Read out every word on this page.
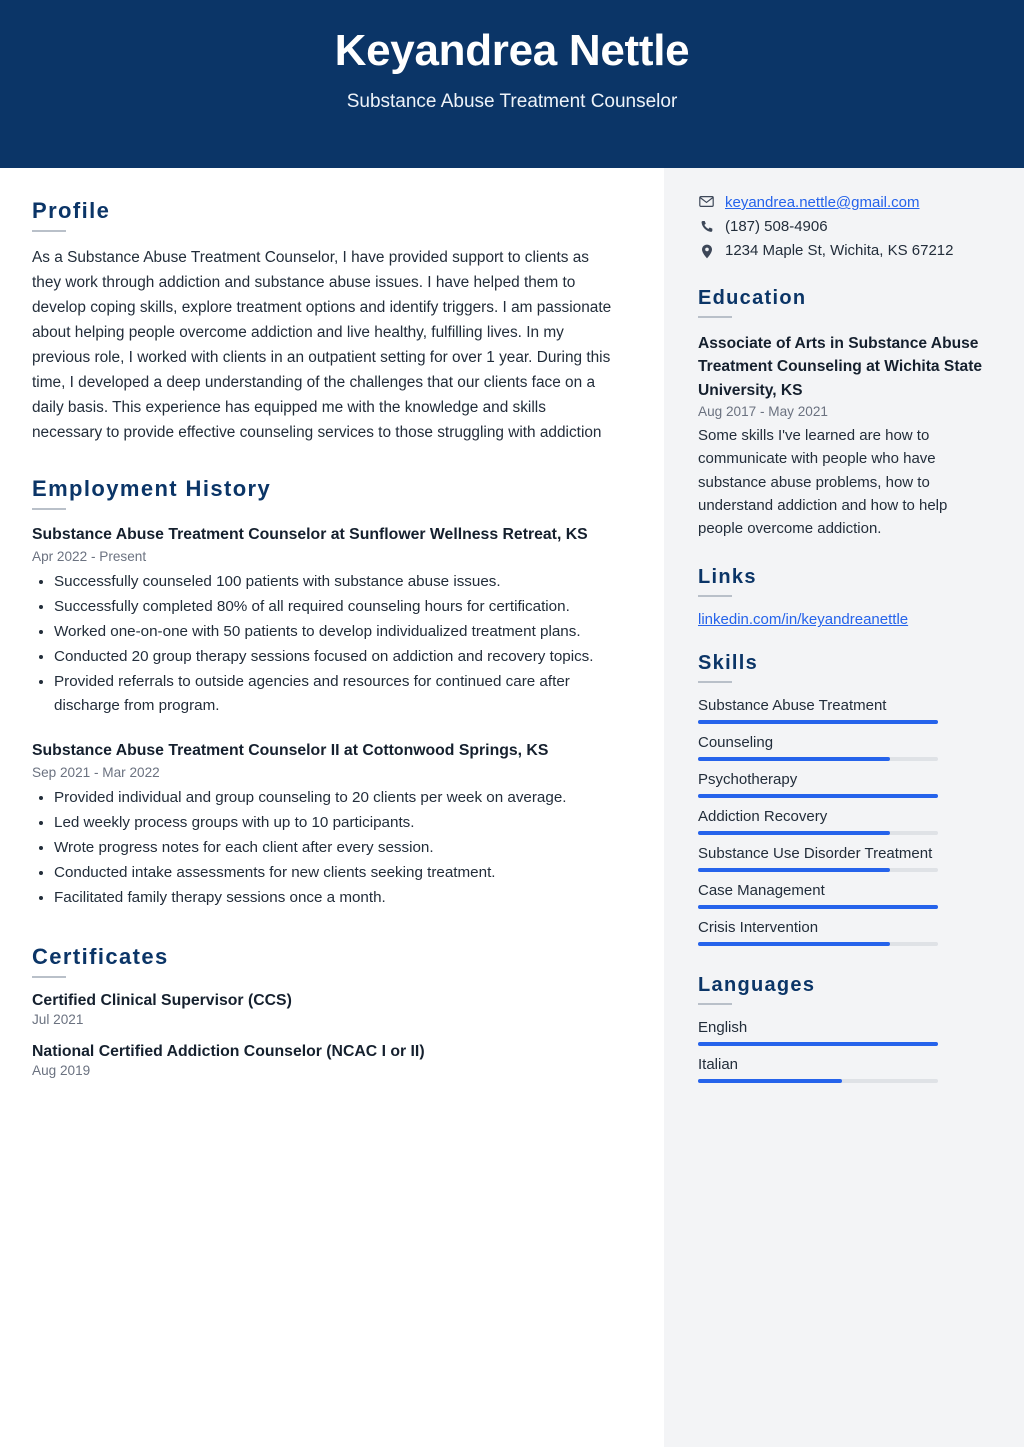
Keyandrea Nettle
Substance Abuse Treatment Counselor
Profile

As a Substance Abuse Treatment Counselor, I have provided support to clients as they work through addiction and substance abuse issues. I have helped them to develop coping skills, explore treatment options and identify triggers. I am passionate about helping people overcome addiction and live healthy, fulfilling lives. In my previous role, I worked with clients in an outpatient setting for over 1 year. During this time, I developed a deep understanding of the challenges that our clients face on a daily basis. This experience has equipped me with the knowledge and skills necessary to provide effective counseling services to those struggling with addiction

Employment History
Substance Abuse Treatment Counselor at Sunflower Wellness Retreat, KS
Apr 2022 - Present
• Successfully counseled 100 patients with substance abuse issues.
• Successfully completed 80% of all required counseling hours for certification.
• Worked one-on-one with 50 patients to develop individualized treatment plans.
• Conducted 20 group therapy sessions focused on addiction and recovery topics.
• Provided referrals to outside agencies and resources for continued care after discharge from program.
Substance Abuse Treatment Counselor II at Cottonwood Springs, KS
Sep 2021 - Mar 2022
• Provided individual and group counseling to 20 clients per week on average.
• Led weekly process groups with up to 10 participants.
• Wrote progress notes for each client after every session.
• Conducted intake assessments for new clients seeking treatment.
• Facilitated family therapy sessions once a month.
Certificates
Certified Clinical Supervisor (CCS)
Jul 2021
National Certified Addiction Counselor (NCAC I or II)
Aug 2019
keyandrea.nettle@gmail.com
(187) 508-4906
1234 Maple St, Wichita, KS 67212
Education
Associate of Arts in Substance Abuse Treatment Counseling at Wichita State University, KS
Aug 2017 - May 2021

Some skills I've learned are how to communicate with people who have substance abuse problems, how to understand addiction and how to help people overcome addiction.

Links
linkedin.com/in/keyandreanettle
Skills
Substance Abuse Treatment
Counseling
Psychotherapy
Addiction Recovery
Substance Use Disorder Treatment
Case Management
Crisis Intervention
Languages
English
Italian
